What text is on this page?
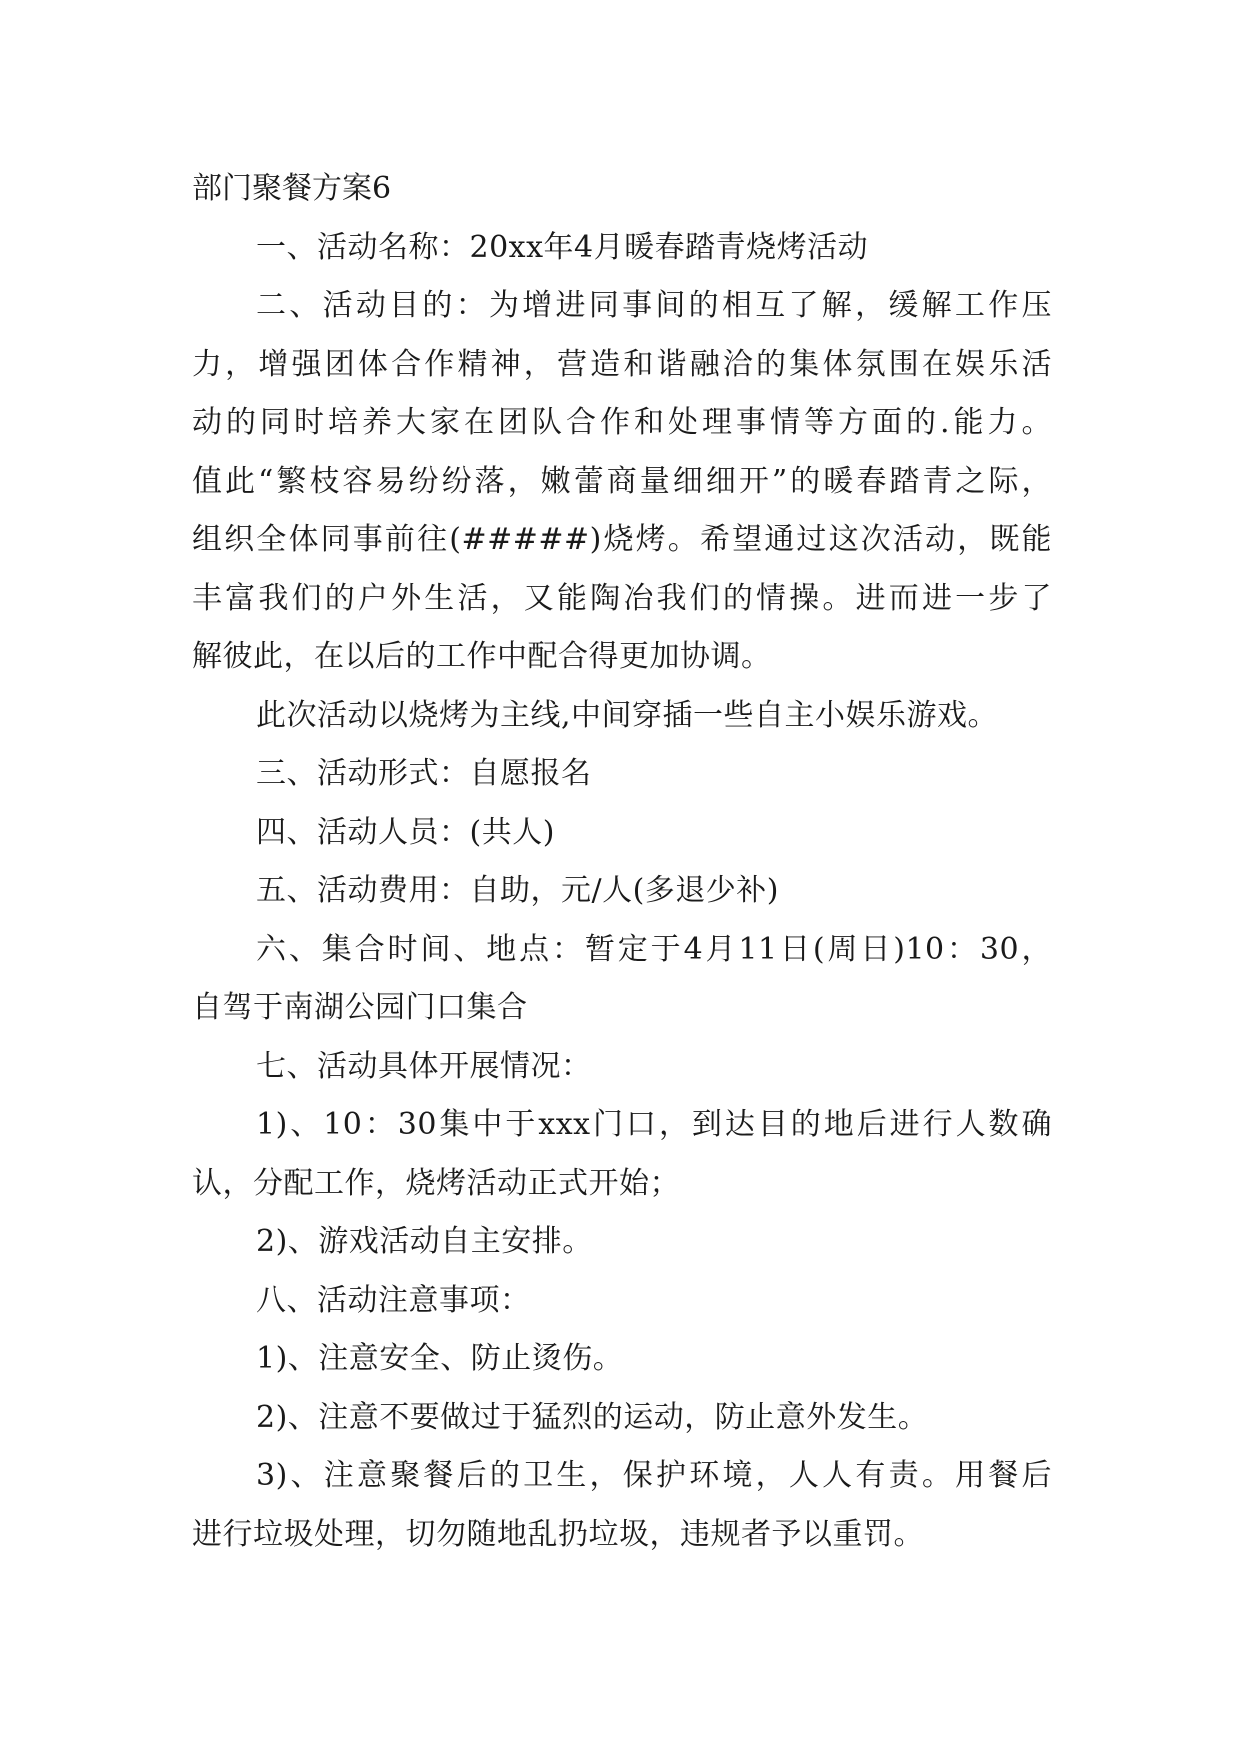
部门聚餐方案6
一、活动名称：20xx年4月暖春踏青烧烤活动
二、活动目的：为增进同事间的相互了解，缓解工作压
力，增强团体合作精神，营造和谐融洽的集体氛围在娱乐活
动的同时培养大家在团队合作和处理事情等方面的.能力。
值此“繁枝容易纷纷落，嫩蕾商量细细开”的暖春踏青之际，
组织全体同事前往(#####)烧烤。希望通过这次活动，既能
丰富我们的户外生活，又能陶冶我们的情操。进而进一步了
解彼此，在以后的工作中配合得更加协调。
此次活动以烧烤为主线,中间穿插一些自主小娱乐游戏。
三、活动形式：自愿报名
四、活动人员：(共人)
五、活动费用：自助，元/人(多退少补)
六、集合时间、地点：暂定于4月11日(周日)10：30，
自驾于南湖公园门口集合
七、活动具体开展情况：
1)、10：30集中于xxx门口，到达目的地后进行人数确
认，分配工作，烧烤活动正式开始；
2)、游戏活动自主安排。
八、活动注意事项：
1)、注意安全、防止烫伤。
2)、注意不要做过于猛烈的运动，防止意外发生。
3)、注意聚餐后的卫生，保护环境，人人有责。用餐后
进行垃圾处理，切勿随地乱扔垃圾，违规者予以重罚。
